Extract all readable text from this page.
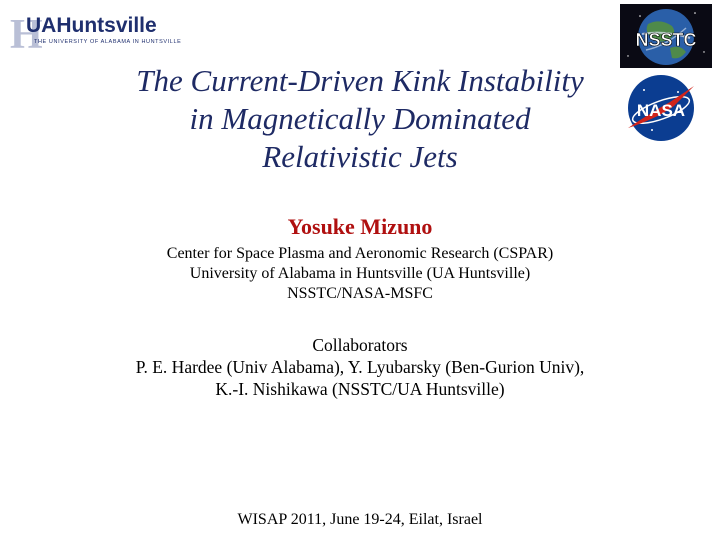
H
UAHuntsville
THE UNIVERSITY OF ALABAMA IN HUNTSVILLE	NSSTC
NASA
The Current-Driven Kink Instability
in Magnetically Dominated
Relativistic Jets
Yosuke Mizuno
Center for Space Plasma and Aeronomic Research (CSPAR)
University of Alabama in Huntsville (UA Huntsville)
NSSTC/NASA-MSFC
Collaborators
P. E. Hardee (Univ Alabama), Y. Lyubarsky (Ben-Gurion Univ),
K.-I. Nishikawa (NSSTC/UA Huntsville)
WISAP 2011, June 19-24, Eilat, Israel
